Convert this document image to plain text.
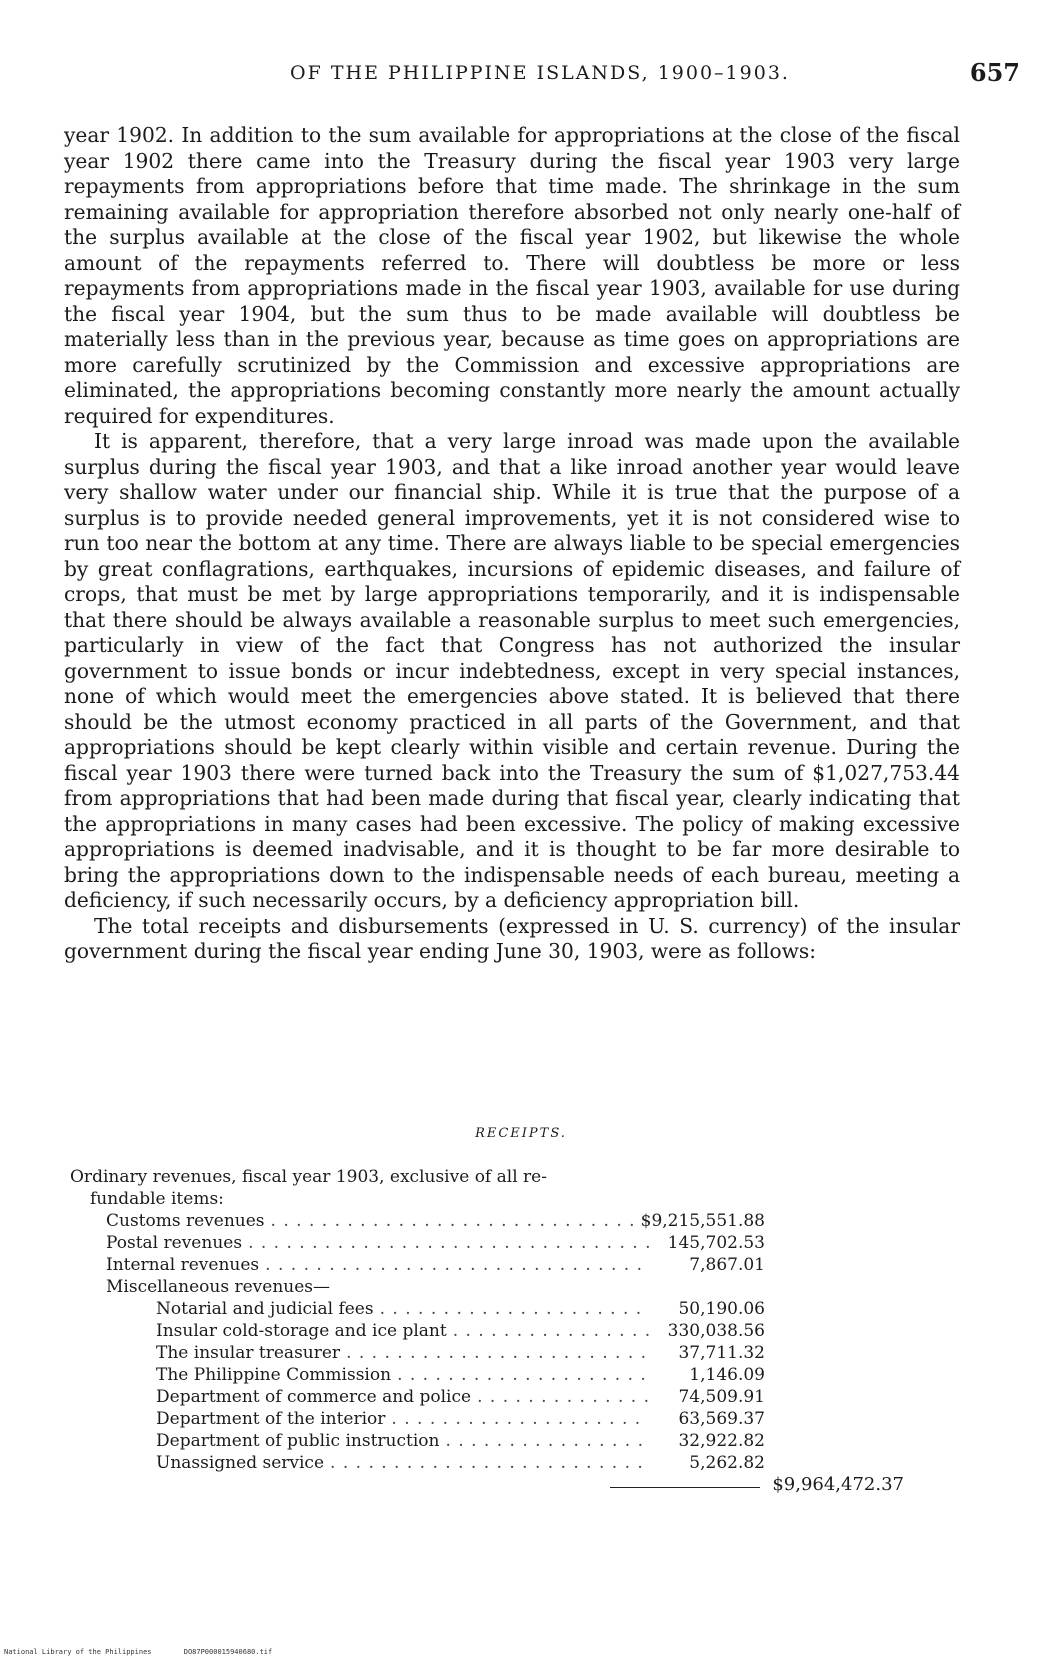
OF THE PHILIPPINE ISLANDS, 1900–1903.	657

year 1902. In addition to the sum available for appropriations at the close of the fiscal year 1902 there came into the Treasury during the fiscal year 1903 very large repayments from appropriations before that time made. The shrinkage in the sum remaining available for appropriation therefore absorbed not only nearly one-half of the surplus available at the close of the fiscal year 1902, but likewise the whole amount of the repayments referred to. There will doubtless be more or less repayments from appropriations made in the fiscal year 1903, available for use during the fiscal year 1904, but the sum thus to be made available will doubtless be materially less than in the previous year, because as time goes on appropriations are more carefully scrutinized by the Commission and excessive appropriations are eliminated, the appropriations becoming constantly more nearly the amount actually required for expenditures.

It is apparent, therefore, that a very large inroad was made upon the available surplus during the fiscal year 1903, and that a like inroad another year would leave very shallow water under our financial ship. While it is true that the purpose of a surplus is to provide needed general improvements, yet it is not considered wise to run too near the bottom at any time. There are always liable to be special emergencies by great conflagrations, earthquakes, incursions of epidemic diseases, and failure of crops, that must be met by large appropriations temporarily, and it is indispensable that there should be always available a reasonable surplus to meet such emergencies, particularly in view of the fact that Congress has not authorized the insular government to issue bonds or incur indebtedness, except in very special instances, none of which would meet the emergencies above stated. It is believed that there should be the utmost economy practiced in all parts of the Government, and that appropriations should be kept clearly within visible and certain revenue. During the fiscal year 1903 there were turned back into the Treasury the sum of $1,027,753.44 from appropriations that had been made during that fiscal year, clearly indicating that the appropriations in many cases had been excessive. The policy of making excessive appropriations is deemed inadvisable, and it is thought to be far more desirable to bring the appropriations down to the indispensable needs of each bureau, meeting a deficiency, if such necessarily occurs, by a deficiency appropriation bill.

The total receipts and disbursements (expressed in U. S. currency) of the insular government during the fiscal year ending June 30, 1903, were as follows:

RECEIPTS.
Ordinary revenues, fiscal year 1903, exclusive of all re-
fundable items:
Customs revenues . . .	$9,215,551.88
Postal revenues . . .	145,702.53
Internal revenues . . .	7,867.01
Miscellaneous revenues—
Notarial and judicial fees . . .	50,190.06
Insular cold-storage and ice plant . . .	330,038.56
The insular treasurer . . .	37,711.32
The Philippine Commission . . .	1,146.09
Department of commerce and police . . .	74,509.91
Department of the interior . . .	63,569.37
Department of public instruction . . .	32,922.82
Unassigned service . . .	5,262.82
$9,964,472.37
National Library of the Philippines	DO87P000015940680.tif
